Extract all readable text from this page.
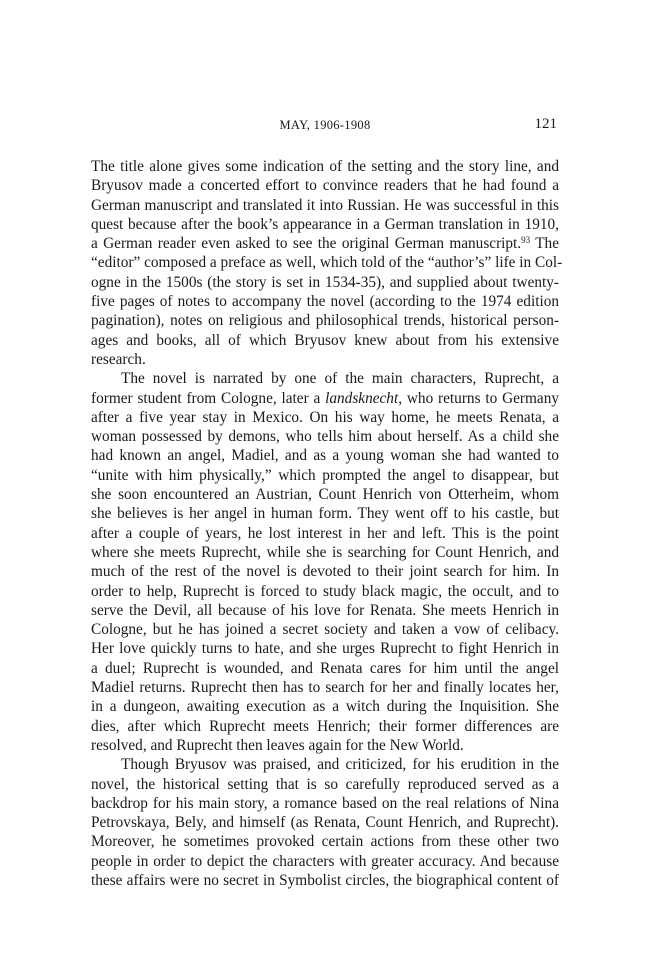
MAY, 1906-1908	121
The title alone gives some indication of the setting and the story line, and
Bryusov made a concerted effort to convince readers that he had found a
German manuscript and translated it into Russian. He was successful in this
quest because after the book’s appearance in a German translation in 1910,
a German reader even asked to see the original German manuscript.$^{93}$ The
“editor” composed a preface as well, which told of the “author’s” life in Col-
ogne in the 1500s (the story is set in 1534-35), and supplied about twenty-
five pages of notes to accompany the novel (according to the 1974 edition
pagination), notes on religious and philosophical trends, historical person-
ages and books, all of which Bryusov knew about from his extensive
research.
The novel is narrated by one of the main characters, Ruprecht, a
former student from Cologne, later a landsknecht, who returns to Germany
after a five year stay in Mexico. On his way home, he meets Renata, a
woman possessed by demons, who tells him about herself. As a child she
had known an angel, Madiel, and as a young woman she had wanted to
“unite with him physically,” which prompted the angel to disappear, but
she soon encountered an Austrian, Count Henrich von Otterheim, whom
she believes is her angel in human form. They went off to his castle, but
after a couple of years, he lost interest in her and left. This is the point
where she meets Ruprecht, while she is searching for Count Henrich, and
much of the rest of the novel is devoted to their joint search for him. In
order to help, Ruprecht is forced to study black magic, the occult, and to
serve the Devil, all because of his love for Renata. She meets Henrich in
Cologne, but he has joined a secret society and taken a vow of celibacy.
Her love quickly turns to hate, and she urges Ruprecht to fight Henrich in
a duel; Ruprecht is wounded, and Renata cares for him until the angel
Madiel returns. Ruprecht then has to search for her and finally locates her,
in a dungeon, awaiting execution as a witch during the Inquisition. She
dies, after which Ruprecht meets Henrich; their former differences are
resolved, and Ruprecht then leaves again for the New World.
Though Bryusov was praised, and criticized, for his erudition in the
novel, the historical setting that is so carefully reproduced served as a
backdrop for his main story, a romance based on the real relations of Nina
Petrovskaya, Bely, and himself (as Renata, Count Henrich, and Ruprecht).
Moreover, he sometimes provoked certain actions from these other two
people in order to depict the characters with greater accuracy. And because
these affairs were no secret in Symbolist circles, the biographical content of
